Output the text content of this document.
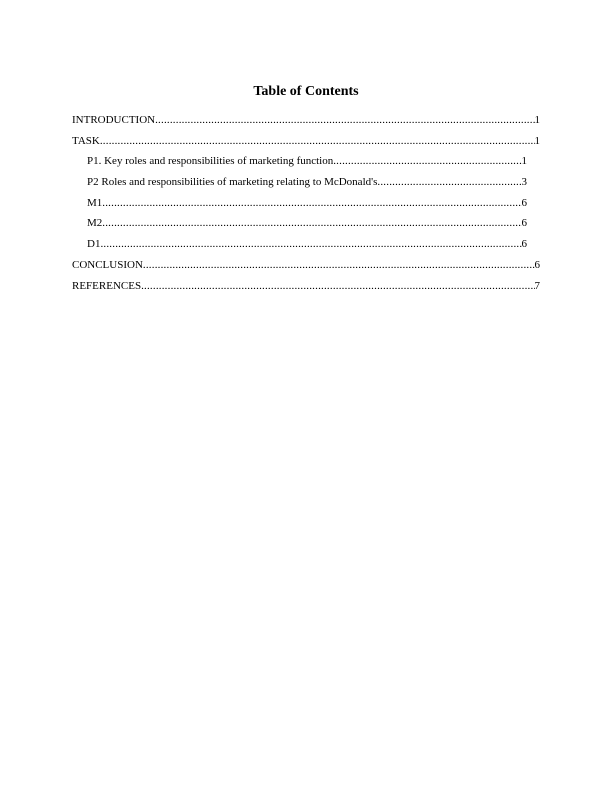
Table of Contents
INTRODUCTION .....	1
TASK .....	1
P1. Key roles and responsibilities of marketing function .....	1
P2 Roles and responsibilities of marketing relating to McDonald's .....	3
M1 .....	6
M2 .....	6
D1 .....	6
CONCLUSION .....	6
REFERENCES .....	7
